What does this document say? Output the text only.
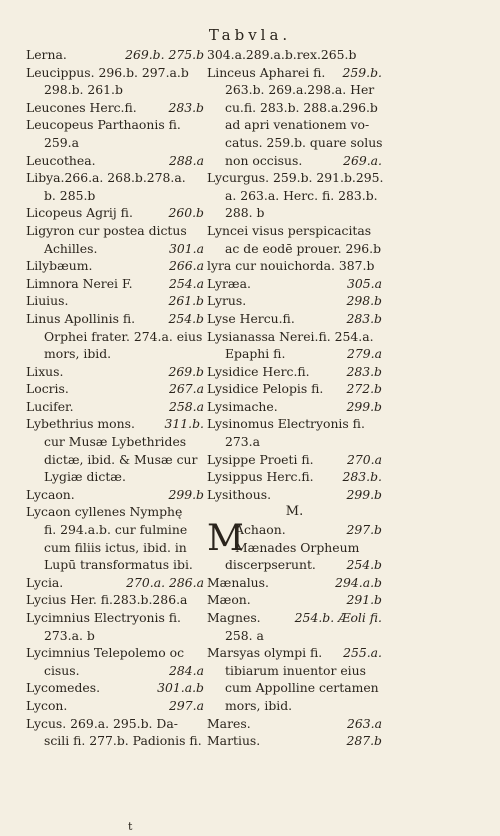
Tabvla.
Lerna.	269.b. 275.b
Leucippus. 296.b. 297.a.b
298.b. 261.b
Leucones Herc.fi.	283.b
Leucopeus Parthaonis fi.
259.a
Leucothea.	288.a
Libya.266.a. 268.b.278.a.
b. 285.b
Licopeus Agrij fi.	260.b
Ligyron cur postea dictus
Achilles.	301.a
Lilybæum.	266.a
Limnora Nerei F.	254.a
Liuius.	261.b
Linus Apollinis fi.	254.b
Orphei frater. 274.a. eius
mors, ibid.
Lixus.	269.b
Locris.	267.a
Lucifer.	258.a
Lybethrius mons.	311.b.
cur Musæ Lybethrides
dictæ, ibid. & Musæ cur
Lygiæ dictæ.
Lycaon.	299.b
Lycaon cyllenes Nymphę
fi. 294.a.b. cur fulmine
cum filiis ictus, ibid. in
Lupū transformatus ibi.
Lycia.	270.a. 286.a
Lycius Her. fi.283.b.286.a
Lycimnius Electryonis fi.
273.a. b
Lycimnius Telepolemo oc
cisus.	284.a
Lycomedes.	301.a.b
Lycon.	297.a
Lycus. 269.a. 295.b. Da-
scili fi. 277.b. Padionis fi.
304.a.289.a.b.rex.265.b
Linceus Apharei fi.	259.b.
263.b. 269.a.298.a. Her
cu.fi. 283.b. 288.a.296.b
ad apri venationem vo-
catus. 259.b. quare solus
non occisus.	269.a.
Lycurgus. 259.b. 291.b.295.
a. 263.a. Herc. fi. 283.b.
288. b
Lyncei visus perspicacitas
ac de eodē prouer. 296.b
lyra cur nouichorda. 387.b
Lyræa.	305.a
Lyrus.	298.b
Lyse Hercu.fi.	283.b
Lysianassa Nerei.fi. 254.a.
Epaphi fi.	279.a
Lysidice Herc.fi.	283.b
Lysidice Pelopis fi.	272.b
Lysimache.	299.b
Lysinomus Electryonis fi.
273.a
Lysippe Proeti fi.	270.a
Lysippus Herc.fi.	283.b.
Lysithous.	299.b
M.
M
Achaon.	297.b
Mænades Orpheum
discerpserunt.	254.b
Mænalus.	294.a.b
Mæon.	291.b
Magnes.	254.b. Æoli fi.
258. a
Marsyas olympi fi.	255.a.
tibiarum inuentor eius
cum Appolline certamen
mors, ibid.
Mares.	263.a
Martius.	287.b
t
